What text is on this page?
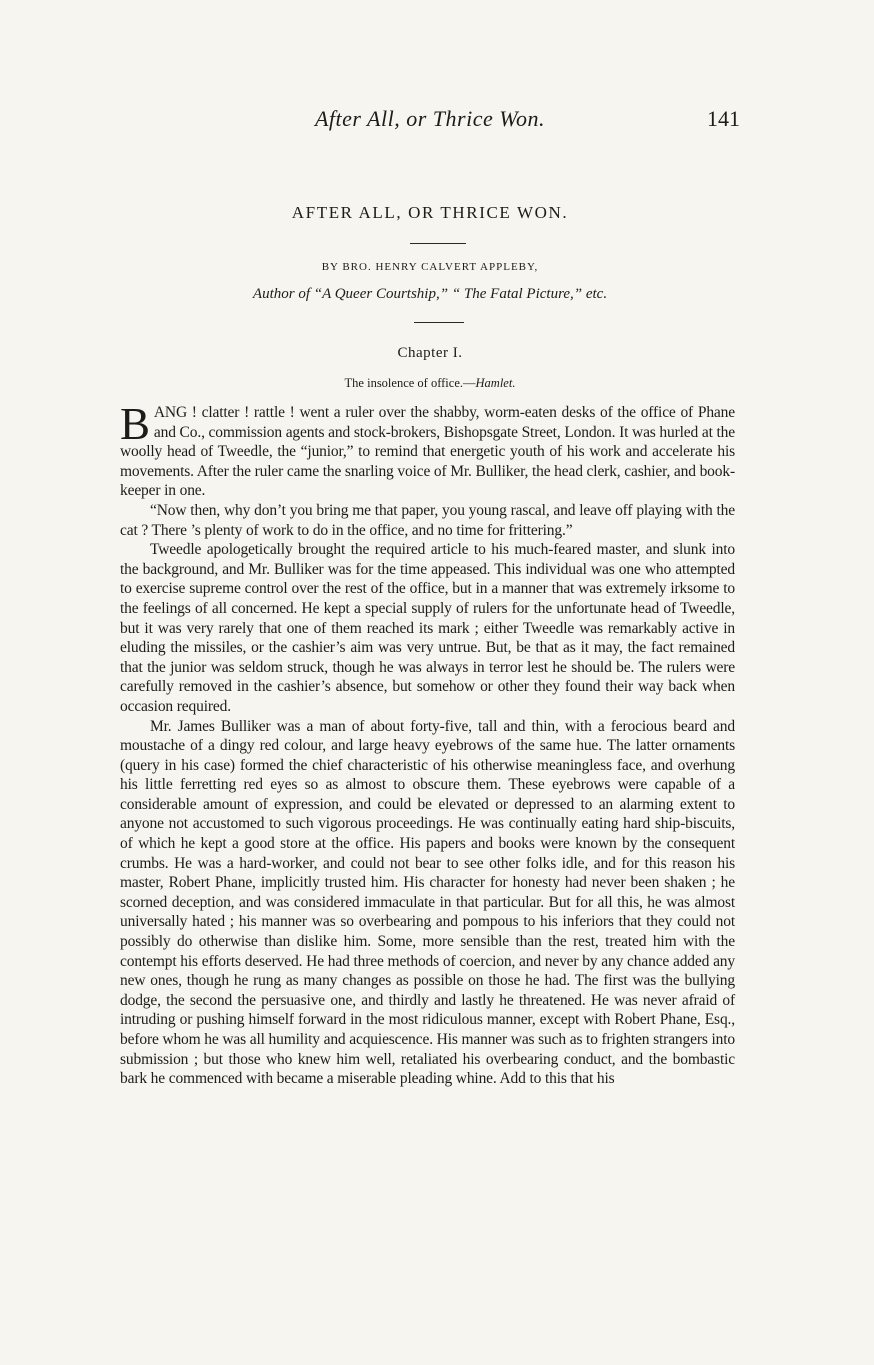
After All, or Thrice Won.	141
AFTER ALL, OR THRICE WON.
BY BRO. HENRY CALVERT APPLEBY,
Author of “A Queer Courtship,” “ The Fatal Picture,” etc.
Chapter I.
The insolence of office.—Hamlet.

BANG ! clatter ! rattle ! went a ruler over the shabby, worm-eaten desks of the office of Phane and Co., commission agents and stock-brokers, Bishopsgate Street, London. It was hurled at the woolly head of Tweedle, the “junior,” to remind that energetic youth of his work and accelerate his movements. After the ruler came the snarling voice of Mr. Bulliker, the head clerk, cashier, and book-keeper in one.

“Now then, why don’t you bring me that paper, you young rascal, and leave off playing with the cat ? There ’s plenty of work to do in the office, and no time for frittering.”

Tweedle apologetically brought the required article to his much-feared master, and slunk into the background, and Mr. Bulliker was for the time appeased. This individual was one who attempted to exercise supreme control over the rest of the office, but in a manner that was extremely irksome to the feelings of all concerned. He kept a special supply of rulers for the unfortunate head of Tweedle, but it was very rarely that one of them reached its mark ; either Tweedle was remarkably active in eluding the missiles, or the cashier’s aim was very untrue. But, be that as it may, the fact remained that the junior was seldom struck, though he was always in terror lest he should be. The rulers were carefully removed in the cashier’s absence, but somehow or other they found their way back when occasion required.

Mr. James Bulliker was a man of about forty-five, tall and thin, with a ferocious beard and moustache of a dingy red colour, and large heavy eyebrows of the same hue. The latter ornaments (query in his case) formed the chief characteristic of his otherwise meaningless face, and overhung his little ferretting red eyes so as almost to obscure them. These eyebrows were capable of a considerable amount of expression, and could be elevated or depressed to an alarming extent to anyone not accustomed to such vigorous proceedings. He was continually eating hard ship-biscuits, of which he kept a good store at the office. His papers and books were known by the consequent crumbs. He was a hard-worker, and could not bear to see other folks idle, and for this reason his master, Robert Phane, implicitly trusted him. His character for honesty had never been shaken ; he scorned deception, and was considered immaculate in that particular. But for all this, he was almost universally hated ; his manner was so overbearing and pompous to his inferiors that they could not possibly do otherwise than dislike him. Some, more sensible than the rest, treated him with the contempt his efforts deserved. He had three methods of coercion, and never by any chance added any new ones, though he rung as many changes as possible on those he had. The first was the bullying dodge, the second the persuasive one, and thirdly and lastly he threatened. He was never afraid of intruding or pushing himself forward in the most ridiculous manner, except with Robert Phane, Esq., before whom he was all humility and acquiescence. His manner was such as to frighten strangers into submission ; but those who knew him well, retaliated his overbearing conduct, and the bombastic bark he commenced with became a miserable pleading whine. Add to this that his
